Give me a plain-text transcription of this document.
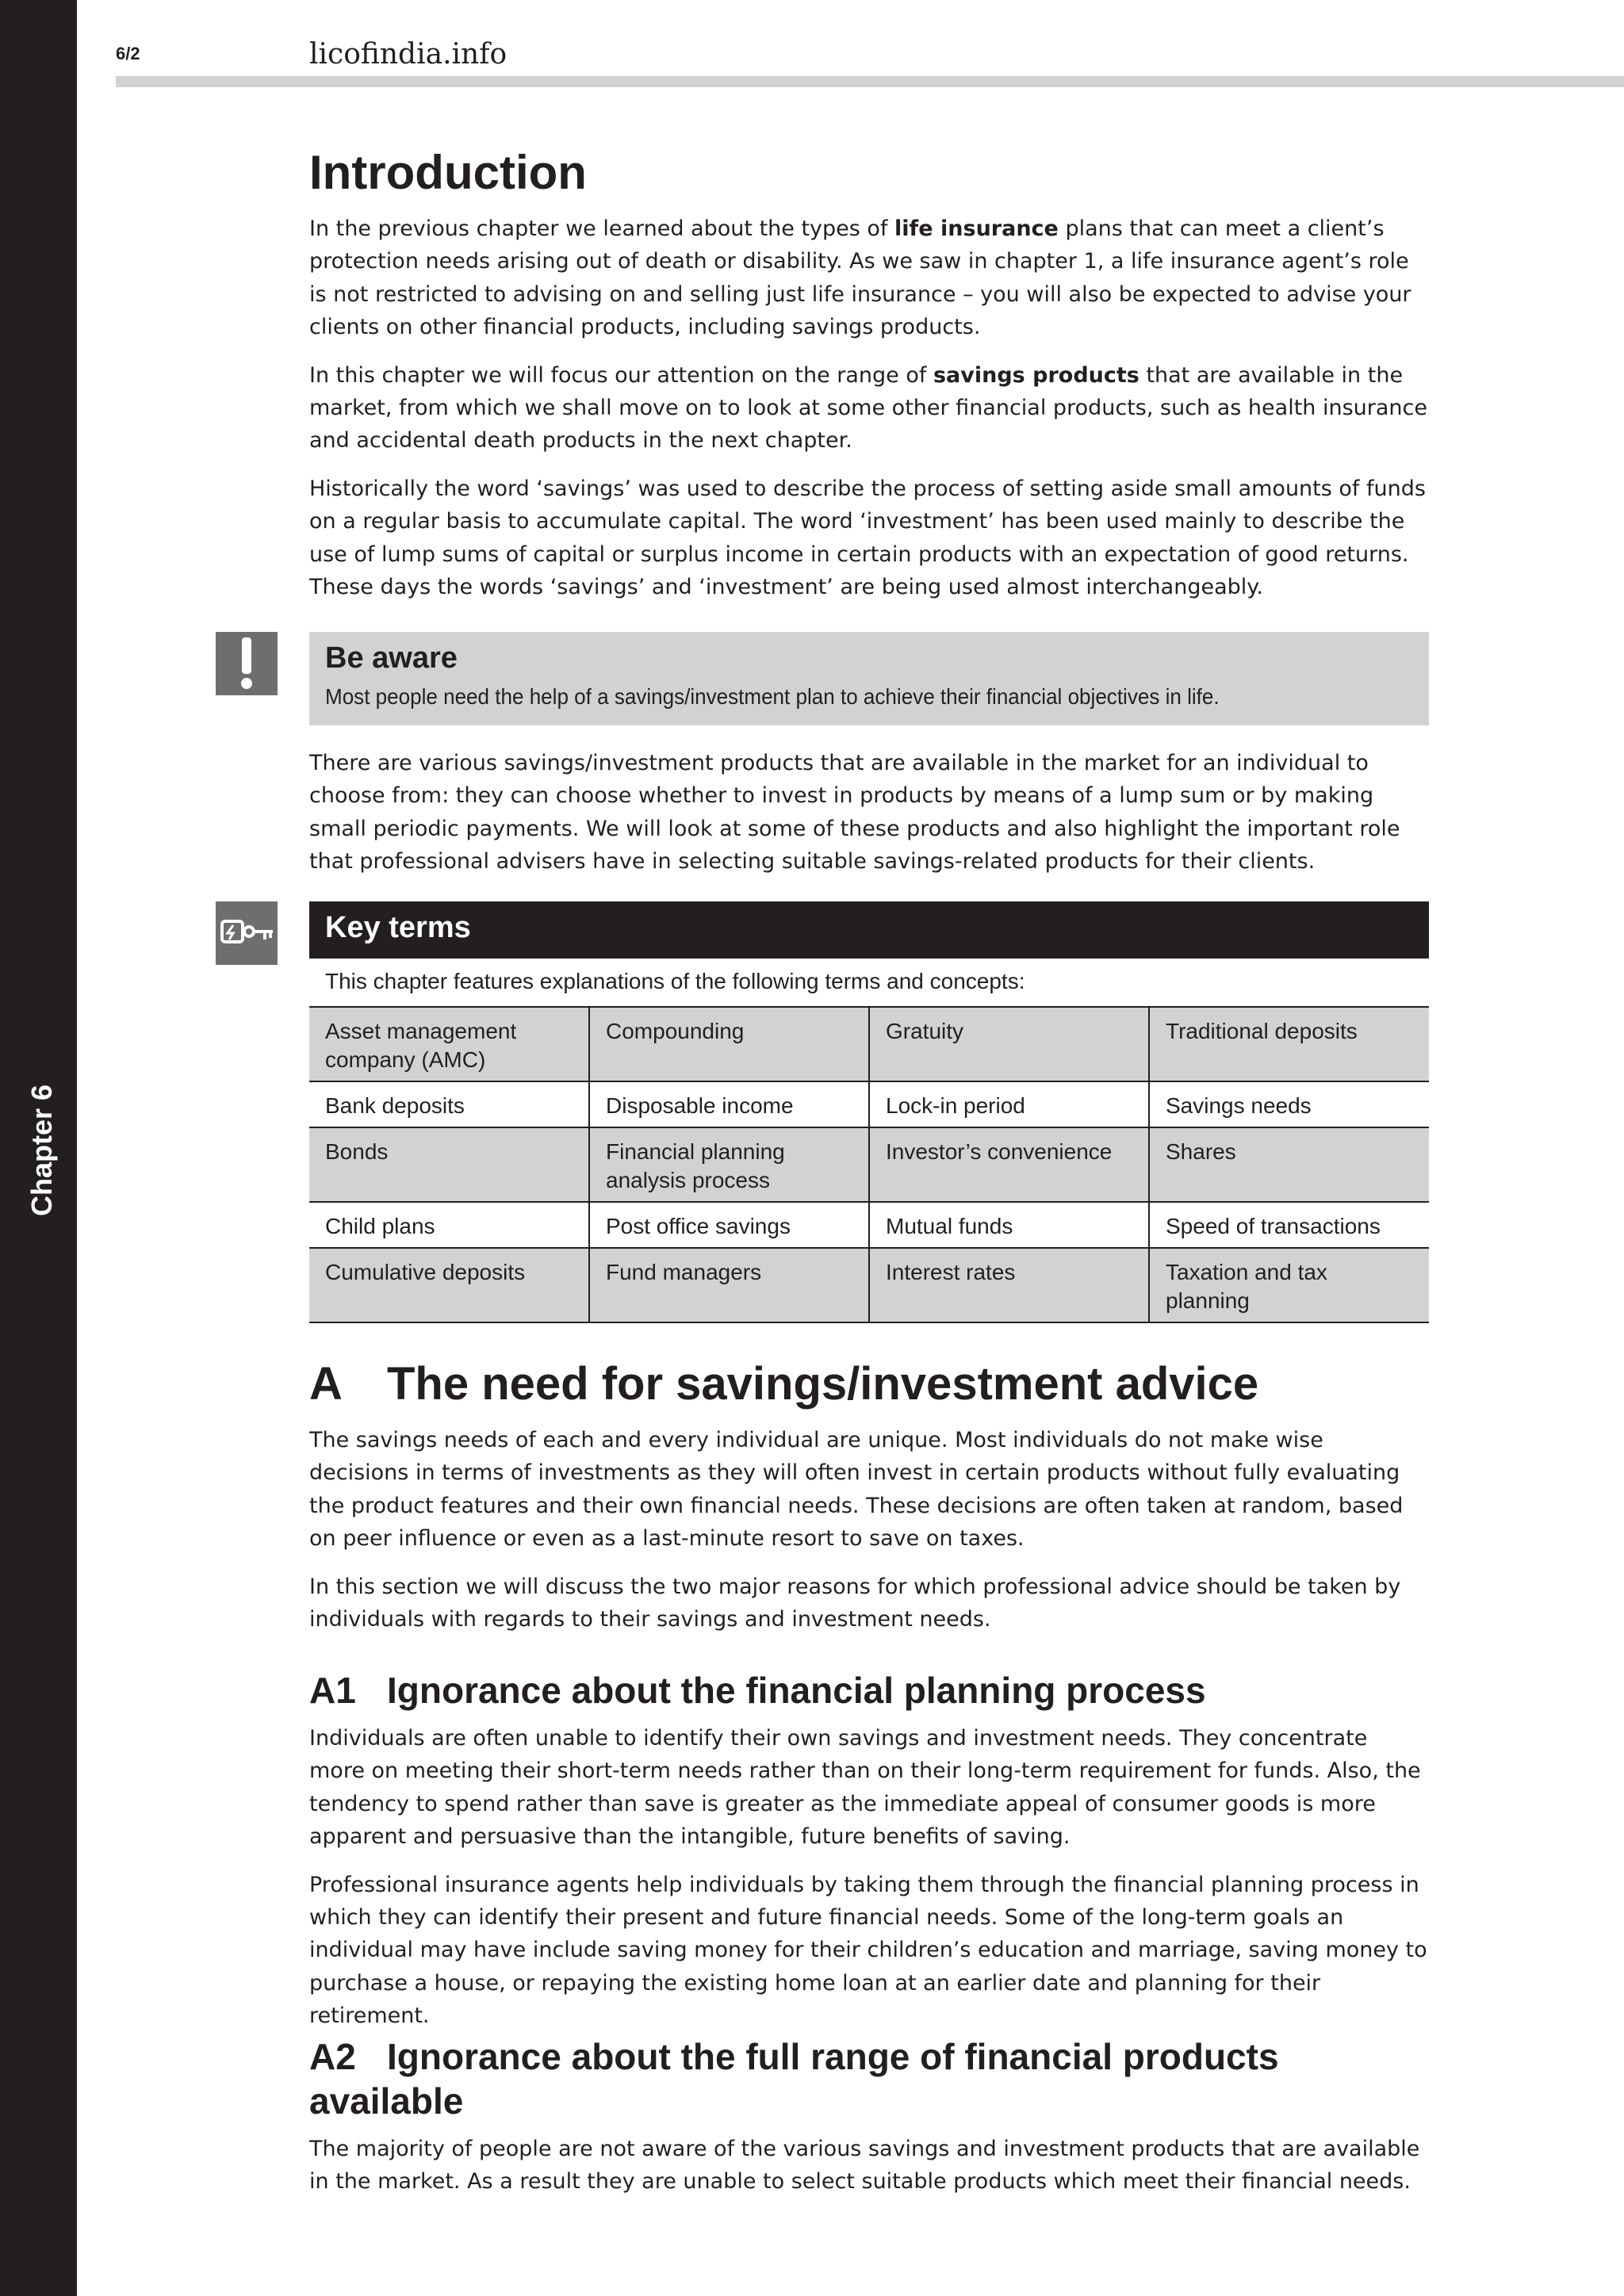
Chapter 6
6/2	licofindia.info
Introduction

In the previous chapter we learned about the types of life insurance plans that can meet a client’s protection needs arising out of death or disability. As we saw in chapter 1, a life insurance agent’s role is not restricted to advising on and selling just life insurance – you will also be expected to advise your clients on other financial products, including savings products.

In this chapter we will focus our attention on the range of savings products that are available in the market, from which we shall move on to look at some other financial products, such as health insurance and accidental death products in the next chapter.

Historically the word ‘savings’ was used to describe the process of setting aside small amounts of funds on a regular basis to accumulate capital. The word ‘investment’ has been used mainly to describe the use of lump sums of capital or surplus income in certain products with an expectation of good returns. These days the words ‘savings’ and ‘investment’ are being used almost interchangeably.

Be aware
Most people need the help of a savings/investment plan to achieve their financial objectives in life.

There are various savings/investment products that are available in the market for an individual to choose from: they can choose whether to invest in products by means of a lump sum or by making small periodic payments. We will look at some of these products and also highlight the important role that professional advisers have in selecting suitable savings-related products for their clients.

Key terms
This chapter features explanations of the following terms and concepts:
Asset management company (AMC)	Compounding	Gratuity	Traditional deposits
Bank deposits	Disposable income	Lock-in period	Savings needs
Bonds	Financial planning analysis process	Investor’s convenience	Shares
Child plans	Post office savings	Mutual funds	Speed of transactions
Cumulative deposits	Fund managers	Interest rates	Taxation and tax planning
A The need for savings/investment advice

The savings needs of each and every individual are unique. Most individuals do not make wise decisions in terms of investments as they will often invest in certain products without fully evaluating the product features and their own financial needs. These decisions are often taken at random, based on peer influence or even as a last-minute resort to save on taxes.

In this section we will discuss the two major reasons for which professional advice should be taken by individuals with regards to their savings and investment needs.

A1 Ignorance about the financial planning process

Individuals are often unable to identify their own savings and investment needs. They concentrate more on meeting their short-term needs rather than on their long-term requirement for funds. Also, the tendency to spend rather than save is greater as the immediate appeal of consumer goods is more apparent and persuasive than the intangible, future benefits of saving.

Professional insurance agents help individuals by taking them through the financial planning process in which they can identify their present and future financial needs. Some of the long-term goals an individual may have include saving money for their children’s education and marriage, saving money to purchase a house, or repaying the existing home loan at an earlier date and planning for their retirement.

A2 Ignorance about the full range of financial products available

The majority of people are not aware of the various savings and investment products that are available in the market. As a result they are unable to select suitable products which meet their financial needs.
